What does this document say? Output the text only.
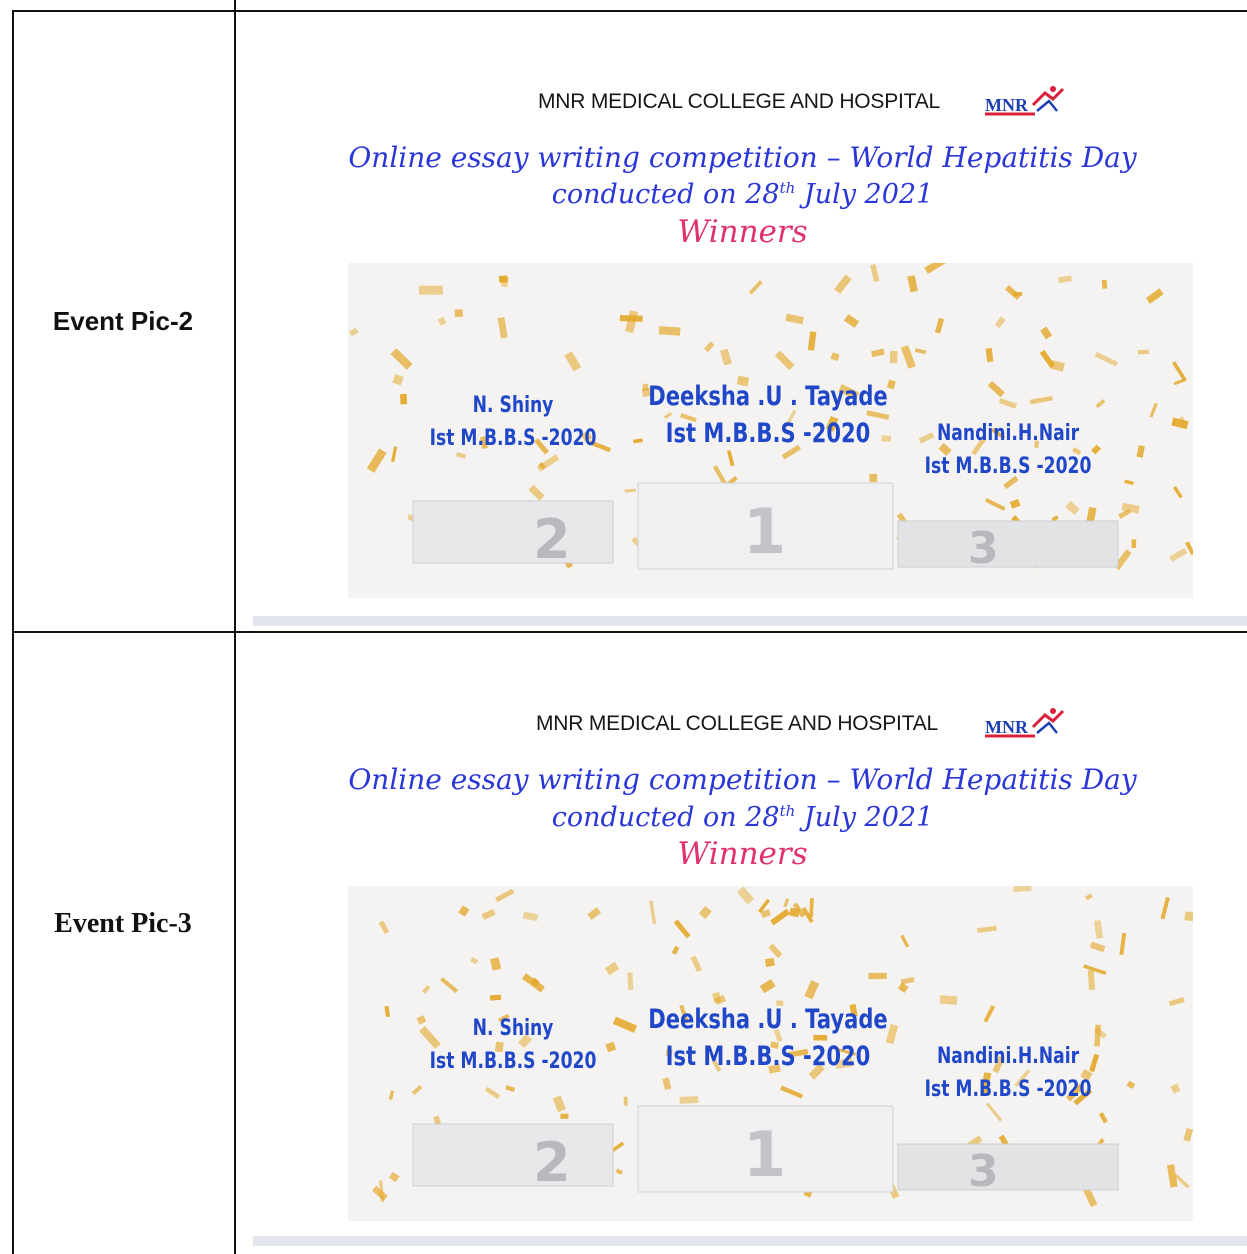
Event Pic-2
MNR MEDICAL COLLEGE AND HOSPITAL MNR
Online essay writing competition – World Hepatitis Day
conducted on 28th July 2021
Winners
2	1	3
N. Shiny
Ist M.B.B.S -2020
Deeksha .U . Tayade
Ist M.B.B.S -2020	Nandini.H.Nair
Ist M.B.B.S -2020
Event Pic-3
MNR MEDICAL COLLEGE AND HOSPITAL	MNR
Online essay writing competition – World Hepatitis Day
conducted on 28th July 2021
Winners
2	1	3
N. Shiny
Ist M.B.B.S -2020
Deeksha .U . Tayade
Ist M.B.B.S -2020	Nandini.H.Nair
Ist M.B.B.S -2020
